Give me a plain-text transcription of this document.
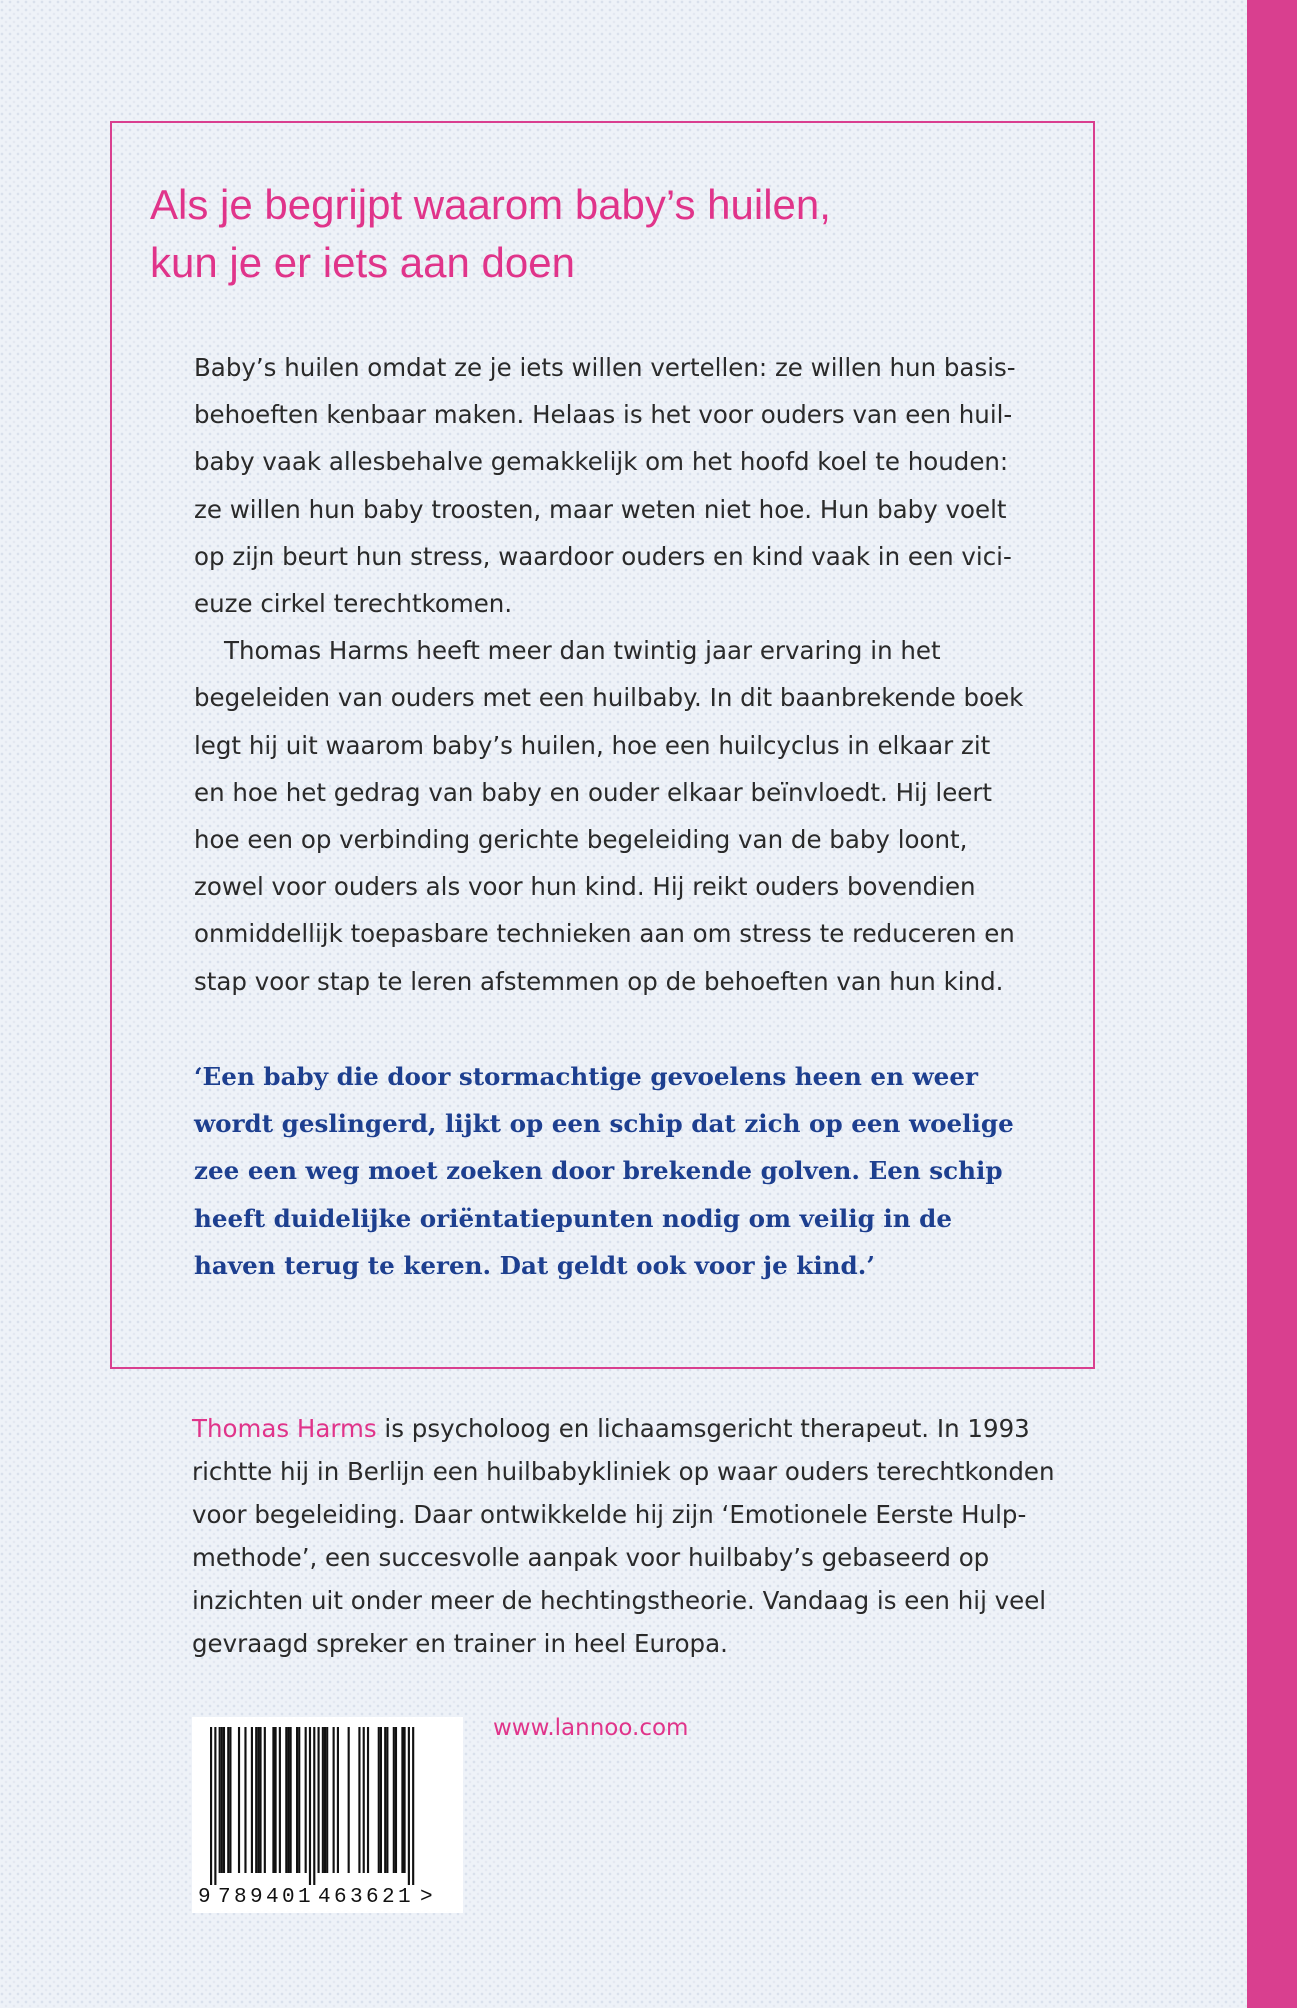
Als je begrijpt waarom baby’s huilen,
kun je er iets aan doen
Baby’s huilen omdat ze je iets willen vertellen: ze willen hun basis-
behoeften kenbaar maken. Helaas is het voor ouders van een huil-
baby vaak allesbehalve gemakkelijk om het hoofd koel te houden:
ze willen hun baby troosten, maar weten niet hoe. Hun baby voelt
op zijn beurt hun stress, waardoor ouders en kind vaak in een vici-
euze cirkel terechtkomen.
Thomas Harms heeft meer dan twintig jaar ervaring in het
begeleiden van ouders met een huilbaby. In dit baanbrekende boek
legt hij uit waarom baby’s huilen, hoe een huilcyclus in elkaar zit
en hoe het gedrag van baby en ouder elkaar beïnvloedt. Hij leert
hoe een op verbinding gerichte begeleiding van de baby loont,
zowel voor ouders als voor hun kind. Hij reikt ouders bovendien
onmiddellijk toepasbare technieken aan om stress te reduceren en
stap voor stap te leren afstemmen op de behoeften van hun kind.
‘Een baby die door stormachtige gevoelens heen en weer
wordt geslingerd, lijkt op een schip dat zich op een woelige
zee een weg moet zoeken door brekende golven. Een schip
heeft duidelijke oriëntatiepunten nodig om veilig in de
haven terug te keren. Dat geldt ook voor je kind.’
Thomas Harms is psycholoog en lichaamsgericht therapeut. In 1993
richtte hij in Berlijn een huilbabykliniek op waar ouders terechtkonden
voor begeleiding. Daar ontwikkelde hij zijn ‘Emotionele Eerste Hulp-
methode’, een succesvolle aanpak voor huilbaby’s gebaseerd op
inzichten uit onder meer de hechtingstheorie. Vandaag is een hij veel
gevraagd spreker en trainer in heel Europa.
www.lannoo.com
9 7 8 9 4 0 1 4 6 3 6 2 1 >
